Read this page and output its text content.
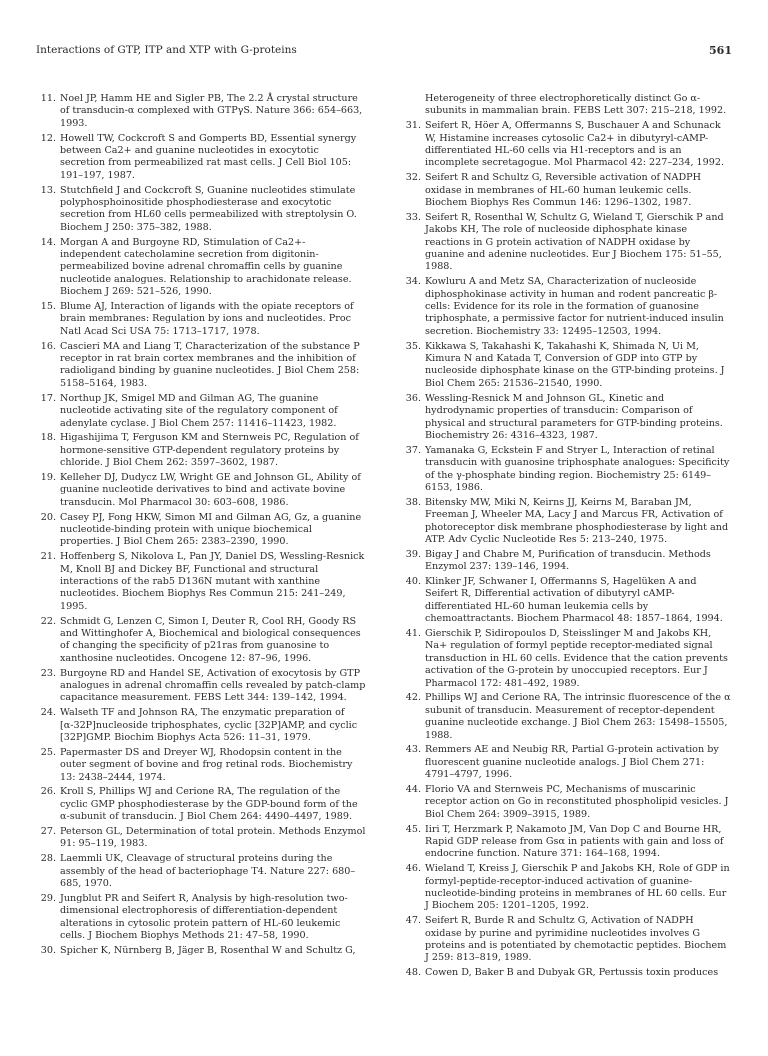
Interactions of GTP, ITP and XTP with G-proteins	561
11 . Noel JP, Hamm HE and Sigler PB, The 2.2 Å crystal structure of transducin-α complexed with GTPγS. Nature 366: 654–663, 1993.
12 . Howell TW, Cockcroft S and Gomperts BD, Essential synergy between Ca2+ and guanine nucleotides in exocytotic secretion from permeabilized rat mast cells. J Cell Biol 105: 191–197, 1987.
13 . Stutchfield J and Cockcroft S, Guanine nucleotides stimulate polyphosphoinositide phosphodiesterase and exocytotic secretion from HL60 cells permeabilized with streptolysin O. Biochem J 250: 375–382, 1988.
14 . Morgan A and Burgoyne RD, Stimulation of Ca2+-independent catecholamine secretion from digitonin-permeabilized bovine adrenal chromaffin cells by guanine nucleotide analogues. Relationship to arachidonate release. Biochem J 269: 521–526, 1990.
15 . Blume AJ, Interaction of ligands with the opiate receptors of brain membranes: Regulation by ions and nucleotides. Proc Natl Acad Sci USA 75: 1713–1717, 1978.
16 . Cascieri MA and Liang T, Characterization of the substance P receptor in rat brain cortex membranes and the inhibition of radioligand binding by guanine nucleotides. J Biol Chem 258: 5158–5164, 1983.
17 . Northup JK, Smigel MD and Gilman AG, The guanine nucleotide activating site of the regulatory component of adenylate cyclase. J Biol Chem 257: 11416–11423, 1982.
18 . Higashijima T, Ferguson KM and Sternweis PC, Regulation of hormone-sensitive GTP-dependent regulatory proteins by chloride. J Biol Chem 262: 3597–3602, 1987.
19 . Kelleher DJ, Dudycz LW, Wright GE and Johnson GL, Ability of guanine nucleotide derivatives to bind and activate bovine transducin. Mol Pharmacol 30: 603–608, 1986.
20 . Casey PJ, Fong HKW, Simon MI and Gilman AG, Gz, a guanine nucleotide-binding protein with unique biochemical properties. J Biol Chem 265: 2383–2390, 1990.
21 . Hoffenberg S, Nikolova L, Pan JY, Daniel DS, Wessling-Resnick M, Knoll BJ and Dickey BF, Functional and structural interactions of the rab5 D136N mutant with xanthine nucleotides. Biochem Biophys Res Commun 215: 241–249, 1995.
22 . Schmidt G, Lenzen C, Simon I, Deuter R, Cool RH, Goody RS and Wittinghofer A, Biochemical and biological consequences of changing the specificity of p21ras from guanosine to xanthosine nucleotides. Oncogene 12: 87–96, 1996.
23 . Burgoyne RD and Handel SE, Activation of exocytosis by GTP analogues in adrenal chromaffin cells revealed by patch-clamp capacitance measurement. FEBS Lett 344: 139–142, 1994.
24 . Walseth TF and Johnson RA, The enzymatic preparation of [α-32P]nucleoside triphosphates, cyclic [32P]AMP, and cyclic [32P]GMP. Biochim Biophys Acta 526: 11–31, 1979.
25 . Papermaster DS and Dreyer WJ, Rhodopsin content in the outer segment of bovine and frog retinal rods. Biochemistry 13: 2438–2444, 1974.
26 . Kroll S, Phillips WJ and Cerione RA, The regulation of the cyclic GMP phosphodiesterase by the GDP-bound form of the α-subunit of transducin. J Biol Chem 264: 4490–4497, 1989.
27 . Peterson GL, Determination of total protein. Methods Enzymol 91: 95–119, 1983.
28 . Laemmli UK, Cleavage of structural proteins during the assembly of the head of bacteriophage T4. Nature 227: 680–685, 1970.
29 . Jungblut PR and Seifert R, Analysis by high-resolution two-dimensional electrophoresis of differentiation-dependent alterations in cytosolic protein pattern of HL-60 leukemic cells. J Biochem Biophys Methods 21: 47–58, 1990.
30 . Spicher K, Nürnberg B, Jäger B, Rosenthal W and Schultz G,
Heterogeneity of three electrophoretically distinct Go α-subunits in mammalian brain. FEBS Lett 307: 215–218, 1992.
31 . Seifert R, Höer A, Offermanns S, Buschauer A and Schunack W, Histamine increases cytosolic Ca2+ in dibutyryl-cAMP-differentiated HL-60 cells via H1-receptors and is an incomplete secretagogue. Mol Pharmacol 42: 227–234, 1992.
32 . Seifert R and Schultz G, Reversible activation of NADPH oxidase in membranes of HL-60 human leukemic cells. Biochem Biophys Res Commun 146: 1296–1302, 1987.
33 . Seifert R, Rosenthal W, Schultz G, Wieland T, Gierschik P and Jakobs KH, The role of nucleoside diphosphate kinase reactions in G protein activation of NADPH oxidase by guanine and adenine nucleotides. Eur J Biochem 175: 51–55, 1988.
34 . Kowluru A and Metz SA, Characterization of nucleoside diphosphokinase activity in human and rodent pancreatic β-cells: Evidence for its role in the formation of guanosine triphosphate, a permissive factor for nutrient-induced insulin secretion. Biochemistry 33: 12495–12503, 1994.
35 . Kikkawa S, Takahashi K, Takahashi K, Shimada N, Ui M, Kimura N and Katada T, Conversion of GDP into GTP by nucleoside diphosphate kinase on the GTP-binding proteins. J Biol Chem 265: 21536–21540, 1990.
36 . Wessling-Resnick M and Johnson GL, Kinetic and hydrodynamic properties of transducin: Comparison of physical and structural parameters for GTP-binding proteins. Biochemistry 26: 4316–4323, 1987.
37 . Yamanaka G, Eckstein F and Stryer L, Interaction of retinal transducin with guanosine triphosphate analogues: Specificity of the γ-phosphate binding region. Biochemistry 25: 6149–6153, 1986.
38 . Bitensky MW, Miki N, Keirns JJ, Keirns M, Baraban JM, Freeman J, Wheeler MA, Lacy J and Marcus FR, Activation of photoreceptor disk membrane phosphodiesterase by light and ATP. Adv Cyclic Nucleotide Res 5: 213–240, 1975.
39 . Bigay J and Chabre M, Purification of transducin. Methods Enzymol 237: 139–146, 1994.
40 . Klinker JF, Schwaner I, Offermanns S, Hagelüken A and Seifert R, Differential activation of dibutyryl cAMP-differentiated HL-60 human leukemia cells by chemoattractants. Biochem Pharmacol 48: 1857–1864, 1994.
41 . Gierschik P, Sidiropoulos D, Steisslinger M and Jakobs KH, Na+ regulation of formyl peptide receptor-mediated signal transduction in HL 60 cells. Evidence that the cation prevents activation of the G-protein by unoccupied receptors. Eur J Pharmacol 172: 481–492, 1989.
42 . Phillips WJ and Cerione RA, The intrinsic fluorescence of the α subunit of transducin. Measurement of receptor-dependent guanine nucleotide exchange. J Biol Chem 263: 15498–15505, 1988.
43 . Remmers AE and Neubig RR, Partial G-protein activation by fluorescent guanine nucleotide analogs. J Biol Chem 271: 4791–4797, 1996.
44 . Florio VA and Sternweis PC, Mechanisms of muscarinic receptor action on Go in reconstituted phospholipid vesicles. J Biol Chem 264: 3909–3915, 1989.
45 . Iiri T, Herzmark P, Nakamoto JM, Van Dop C and Bourne HR, Rapid GDP release from Gsα in patients with gain and loss of endocrine function. Nature 371: 164–168, 1994.
46 . Wieland T, Kreiss J, Gierschik P and Jakobs KH, Role of GDP in formyl-peptide-receptor-induced activation of guanine-nucleotide-binding proteins in membranes of HL 60 cells. Eur J Biochem 205: 1201–1205, 1992.
47 . Seifert R, Burde R and Schultz G, Activation of NADPH oxidase by purine and pyrimidine nucleotides involves G proteins and is potentiated by chemotactic peptides. Biochem J 259: 813–819, 1989.
48 . Cowen D, Baker B and Dubyak GR, Pertussis toxin produces
